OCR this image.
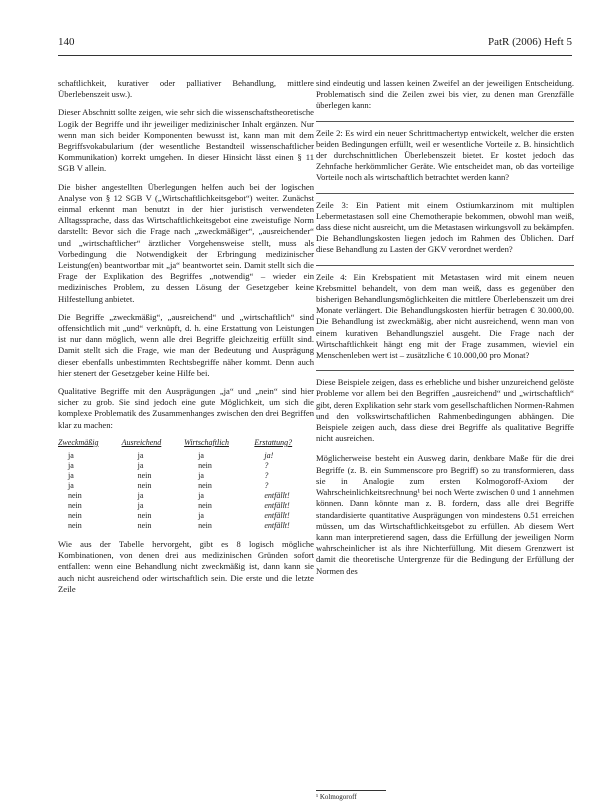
140	PatR (2006) Heft 5

schaftlichkeit, kurativer oder palliativer Behandlung, mittlere Überlebenszeit usw.).

Dieser Abschnitt sollte zeigen, wie sehr sich die wissenschaftstheoretische Logik der Begriffe und ihr jeweiliger medizinischer Inhalt ergänzen. Nur wenn man sich beider Komponenten bewusst ist, kann man mit dem Begriffsvokabularium (der wesentliche Bestandteil wissenschaftlicher Kommunikation) korrekt umgehen. In dieser Hinsicht lässt einen § 11 SGB V allein.

Die bisher angestellten Überlegungen helfen auch bei der logischen Analyse von § 12 SGB V („Wirtschaftlichkeitsgebot“) weiter. Zunächst einmal erkennt man benutzt in der hier juristisch verwendeten Alltagssprache, dass das Wirtschaftlichkeitsgebot eine zweistufige Norm darstellt: Bevor sich die Frage nach „zweckmäßiger“, „ausreichender“ und „wirtschaftlicher“ ärztlicher Vorgehensweise stellt, muss als Vorbedingung die Notwendigkeit der Erbringung medizinischer Leistung(en) beantwortbar mit „ja“ beantwortet sein. Damit stellt sich die Frage der Explikation des Begriffes „notwendig“ – wieder ein medizinisches Problem, zu dessen Lösung der Gesetzgeber keine Hilfestellung anbietet.

Die Begriffe „zweckmäßig“, „ausreichend“ und „wirtschaftlich“ sind offensichtlich mit „und“ verknüpft, d. h. eine Erstattung von Leistungen ist nur dann möglich, wenn alle drei Begriffe gleichzeitig erfüllt sind. Damit stellt sich die Frage, wie man der Bedeutung und Ausprägung dieser ebenfalls unbestimmten Rechtsbegriffe näher kommt. Denn auch hier stenert der Gesetzgeber keine Hilfe bei.

Qualitative Begriffe mit den Ausprägungen „ja“ und „nein“ sind hier sicher zu grob. Sie sind jedoch eine gute Möglichkeit, um sich die komplexe Problematik des Zusammenhanges zwischen den drei Begriffen klar zu machen:

Zweckmäßig	Ausreichend	Wirtschaftlich	Erstattung?
ja	ja	ja	ja!
ja	ja	nein	?
ja	nein	ja	?
ja	nein	nein	?
nein	ja	ja	entfällt!
nein	ja	nein	entfällt!
nein	nein	ja	entfällt!
nein	nein	nein	entfällt!

Wie aus der Tabelle hervorgeht, gibt es 8 logisch mögliche Kombinationen, von denen drei aus medizinischen Gründen sofort entfallen: wenn eine Behandlung nicht zweckmäßig ist, dann kann sie auch nicht ausreichend oder wirtschaftlich sein. Die erste und die letzte Zeile

sind eindeutig und lassen keinen Zweifel an der jeweiligen Entscheidung. Problematisch sind die Zeilen zwei bis vier, zu denen man Grenzfälle überlegen kann:

Zeile 2: Es wird ein neuer Schrittmachertyp entwickelt, welcher die ersten beiden Bedingungen erfüllt, weil er wesentliche Vorteile z. B. hinsichtlich der durchschnittlichen Überlebenszeit bietet. Er kostet jedoch das Zehnfache herkömmlicher Geräte. Wie entscheidet man, ob das vorteilige Vorteile noch als wirtschaftlich betrachtet werden kann?

Zeile 3: Ein Patient mit einem Ostiumkarzinom mit multiplen Lebermetastasen soll eine Chemotherapie bekommen, obwohl man weiß, dass diese nicht ausreicht, um die Metastasen wirkungsvoll zu bekämpfen. Die Behandlungskosten liegen jedoch im Rahmen des Üblichen. Darf diese Behandlung zu Lasten der GKV verordnet werden?

Zeile 4: Ein Krebspatient mit Metastasen wird mit einem neuen Krebsmittel behandelt, von dem man weiß, dass es gegenüber den bisherigen Behandlungsmöglichkeiten die mittlere Überlebenszeit um drei Monate verlängert. Die Behandlungskosten hierfür betragen € 30.000,00. Die Behandlung ist zweckmäßig, aber nicht ausreichend, wenn man von einem kurativen Behandlungsziel ausgeht. Die Frage nach der Wirtschaftlichkeit hängt eng mit der Frage zusammen, wieviel ein Menschenleben wert ist – zusätzliche € 10.000,00 pro Monat?

Diese Beispiele zeigen, dass es erhebliche und bisher unzureichend gelöste Probleme vor allem bei den Begriffen „ausreichend“ und „wirtschaftlich“ gibt, deren Explikation sehr stark vom gesellschaftlichen Normen-Rahmen und den volkswirtschaftlichen Rahmenbedingungen abhängen. Die Beispiele zeigen auch, dass diese drei Begriffe als qualitative Begriffe nicht ausreichen.

Möglicherweise besteht ein Ausweg darin, denkbare Maße für die drei Begriffe (z. B. ein Summenscore pro Begriff) so zu transformieren, dass sie in Analogie zum ersten Kolmogoroff-Axiom der Wahrscheinlichkeitsrechnung¹ bei noch Werte zwischen 0 und 1 annehmen können. Dann könnte man z. B. fordern, dass alle drei Begriffe standardisierte quantitative Ausprägungen von mindestens 0.51 erreichen müssen, um das Wirtschaftlichkeitsgebot zu erfüllen. Ab diesem Wert kann man interpretierend sagen, dass die Erfüllung der jeweiligen Norm wahrscheinlicher ist als ihre Nichterfüllung. Mit diesem Grenzwert ist damit die theoretische Untergrenze für die Bedingung der Erfüllung der Normen des

¹ Kolmogoroff
